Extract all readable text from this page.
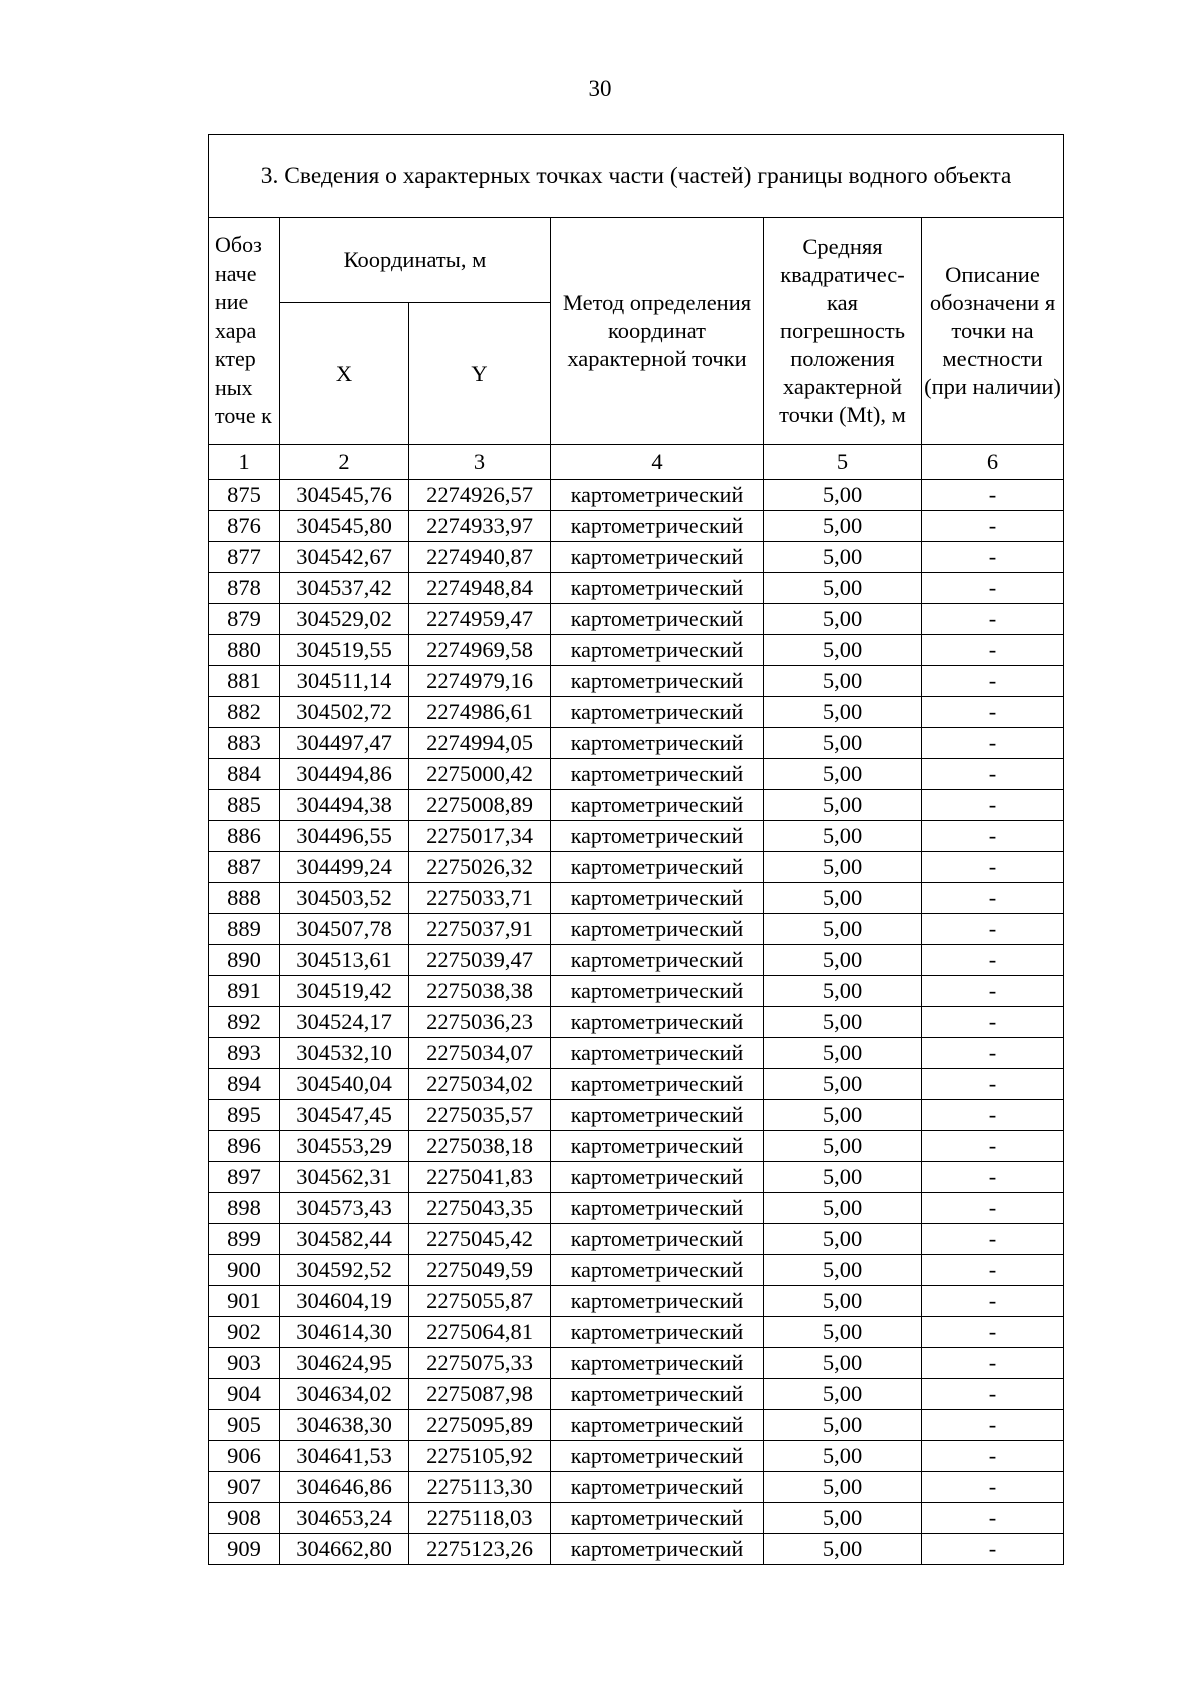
30
3. Сведения о характерных точках части (частей) границы водного объекта					
Обоз наче ние хара ктер ных точе к	Координаты, м		Метод определения координат характерной точки	Средняя квадратичес- кая погрешность положения характерной точки (Mt), м	Описание обозначени я точки на местности (при наличии)
	X	Y			
1	2	3	4	5	6
875	304545,76	2274926,57	картометрический	5,00	-
876	304545,80	2274933,97	картометрический	5,00	-
877	304542,67	2274940,87	картометрический	5,00	-
878	304537,42	2274948,84	картометрический	5,00	-
879	304529,02	2274959,47	картометрический	5,00	-
880	304519,55	2274969,58	картометрический	5,00	-
881	304511,14	2274979,16	картометрический	5,00	-
882	304502,72	2274986,61	картометрический	5,00	-
883	304497,47	2274994,05	картометрический	5,00	-
884	304494,86	2275000,42	картометрический	5,00	-
885	304494,38	2275008,89	картометрический	5,00	-
886	304496,55	2275017,34	картометрический	5,00	-
887	304499,24	2275026,32	картометрический	5,00	-
888	304503,52	2275033,71	картометрический	5,00	-
889	304507,78	2275037,91	картометрический	5,00	-
890	304513,61	2275039,47	картометрический	5,00	-
891	304519,42	2275038,38	картометрический	5,00	-
892	304524,17	2275036,23	картометрический	5,00	-
893	304532,10	2275034,07	картометрический	5,00	-
894	304540,04	2275034,02	картометрический	5,00	-
895	304547,45	2275035,57	картометрический	5,00	-
896	304553,29	2275038,18	картометрический	5,00	-
897	304562,31	2275041,83	картометрический	5,00	-
898	304573,43	2275043,35	картометрический	5,00	-
899	304582,44	2275045,42	картометрический	5,00	-
900	304592,52	2275049,59	картометрический	5,00	-
901	304604,19	2275055,87	картометрический	5,00	-
902	304614,30	2275064,81	картометрический	5,00	-
903	304624,95	2275075,33	картометрический	5,00	-
904	304634,02	2275087,98	картометрический	5,00	-
905	304638,30	2275095,89	картометрический	5,00	-
906	304641,53	2275105,92	картометрический	5,00	-
907	304646,86	2275113,30	картометрический	5,00	-
908	304653,24	2275118,03	картометрический	5,00	-
909	304662,80	2275123,26	картометрический	5,00	-
